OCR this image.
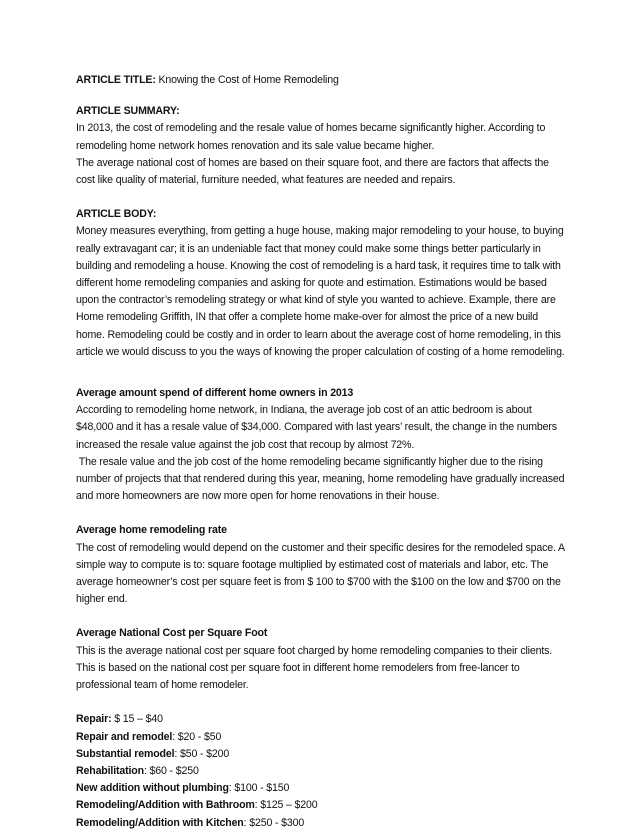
ARTICLE TITLE: Knowing the Cost of Home Remodeling

ARTICLE SUMMARY:

In 2013, the cost of remodeling and the resale value of homes became significantly higher. According to remodeling home network homes renovation and its sale value became higher.

The average national cost of homes are based on their square foot, and there are factors that affects the cost like quality of material, furniture needed, what features are needed and repairs.

ARTICLE BODY:

Money measures everything, from getting a huge house, making major remodeling to your house, to buying really extravagant car; it is an undeniable fact that money could make some things better particularly in building and remodeling a house. Knowing the cost of remodeling is a hard task, it requires time to talk with different home remodeling companies and asking for quote and estimation. Estimations would be based upon the contractor’s remodeling strategy or what kind of style you wanted to achieve. Example, there are Home remodeling Griffith, IN that offer a complete home make-over for almost the price of a new build home. Remodeling could be costly and in order to learn about the average cost of home remodeling, in this article we would discuss to you the ways of knowing the proper calculation of costing of a home remodeling.

Average amount spend of different home owners in 2013

According to remodeling home network, in Indiana, the average job cost of an attic bedroom is about $48,000 and it has a resale value of $34,000. Compared with last years’ result, the change in the numbers increased the resale value against the job cost that recoup by almost 72%.

The resale value and the job cost of the home remodeling became significantly higher due to the rising number of projects that that rendered during this year, meaning, home remodeling have gradually increased and more homeowners are now more open for home renovations in their house.

Average home remodeling rate

The cost of remodeling would depend on the customer and their specific desires for the remodeled space. A simple way to compute is to: square footage multiplied by estimated cost of materials and labor, etc. The average homeowner’s cost per square feet is from $ 100 to $700 with the $100 on the low and $700 on the higher end.

Average National Cost per Square Foot

This is the average national cost per square foot charged by home remodeling companies to their clients. This is based on the national cost per square foot in different home remodelers from free-lancer to professional team of home remodeler.

Repair: $ 15 – $40

Repair and remodel: $20 - $50

Substantial remodel: $50 - $200

Rehabilitation: $60 - $250

New addition without plumbing: $100 - $150

Remodeling/Addition with Bathroom: $125 – $200

Remodeling/Addition with Kitchen: $250 - $300
